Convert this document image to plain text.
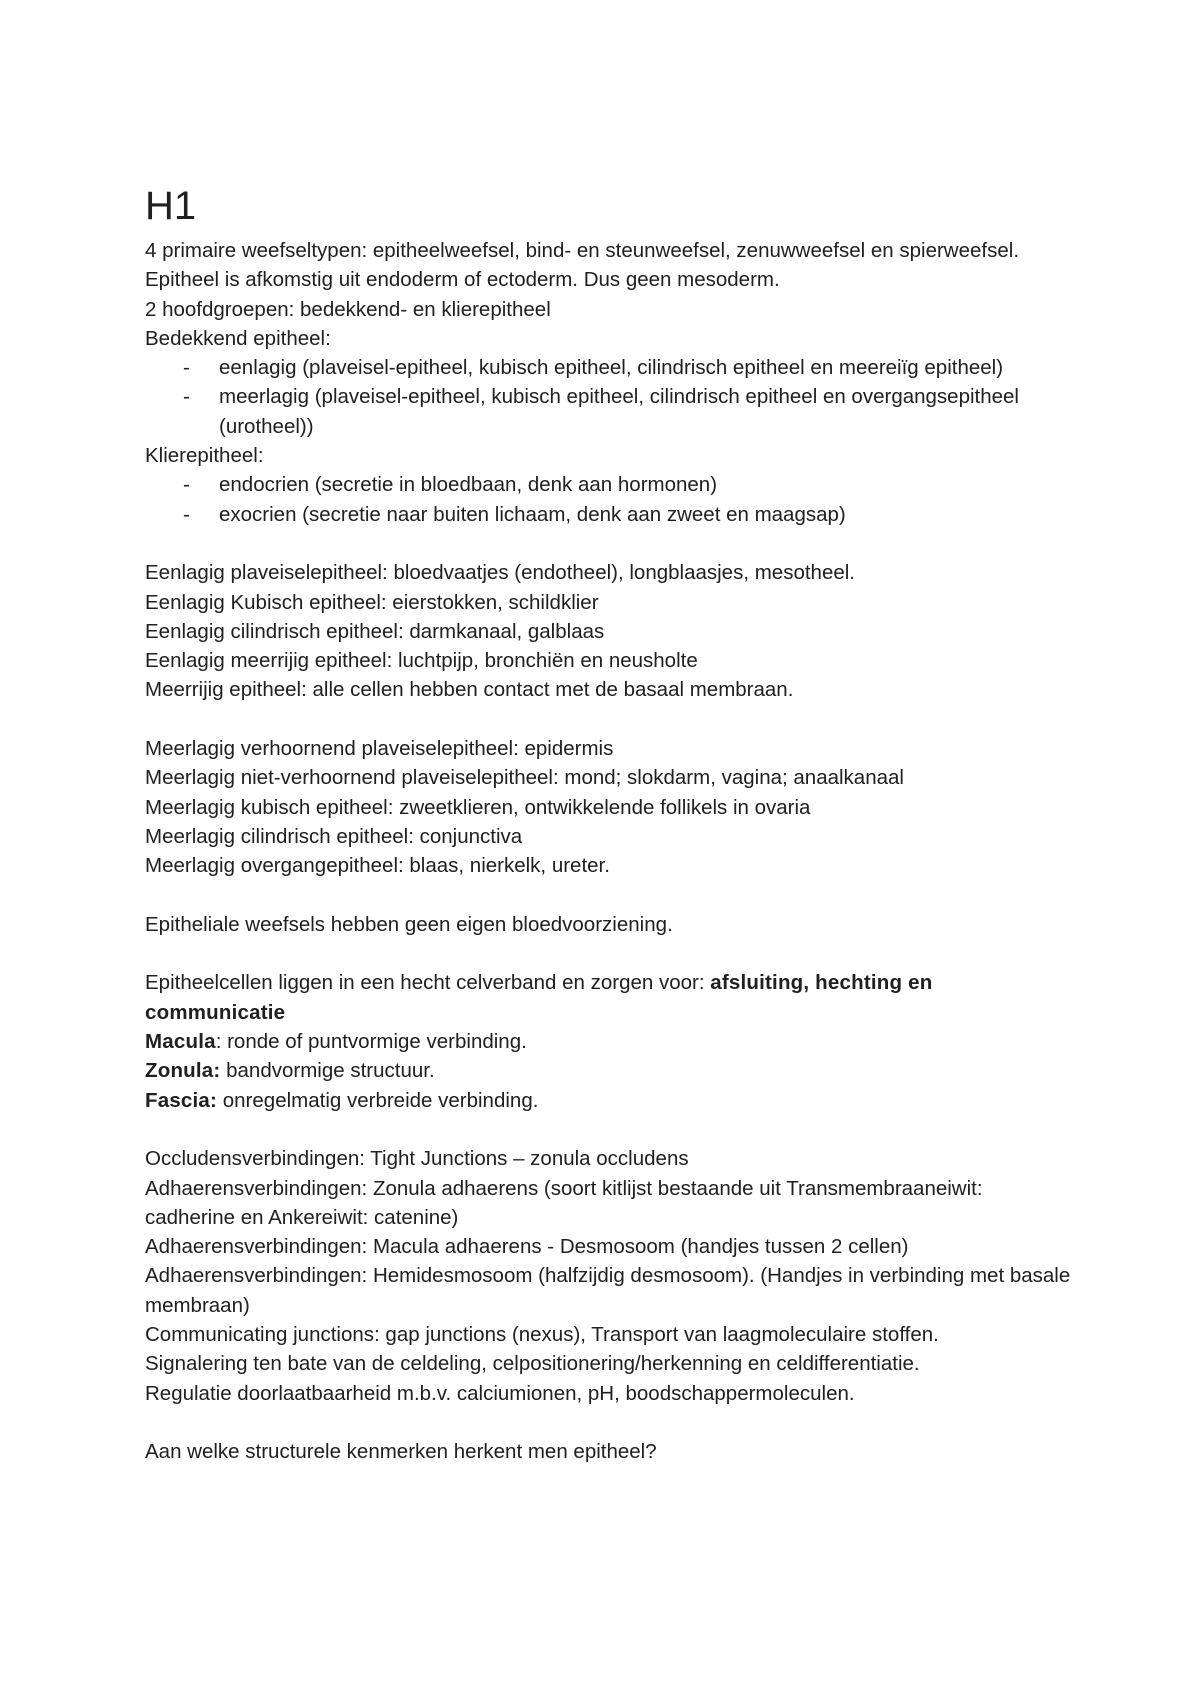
H1

4 primaire weefseltypen: epitheelweefsel, bind- en steunweefsel, zenuwweefsel en spierweefsel.

Epitheel is afkomstig uit endoderm of ectoderm. Dus geen mesoderm.

2 hoofdgroepen: bedekkend- en klierepitheel

Bedekkend epitheel:

- eenlagig (plaveisel-epitheel, kubisch epitheel, cilindrisch epitheel en meereiïg epitheel)
- meerlagig (plaveisel-epitheel, kubisch epitheel, cilindrisch epitheel en overgangsepitheel (urotheel))

Klierepitheel:

- endocrien (secretie in bloedbaan, denk aan hormonen)
- exocrien (secretie naar buiten lichaam, denk aan zweet en maagsap)

Eenlagig plaveiselepitheel: bloedvaatjes (endotheel), longblaasjes, mesotheel.

Eenlagig Kubisch epitheel: eierstokken, schildklier

Eenlagig cilindrisch epitheel: darmkanaal, galblaas

Eenlagig meerrijig epitheel: luchtpijp, bronchiën en neusholte

Meerrijig epitheel: alle cellen hebben contact met de basaal membraan.

Meerlagig verhoornend plaveiselepitheel: epidermis

Meerlagig niet-verhoornend plaveiselepitheel: mond; slokdarm, vagina; anaalkanaal

Meerlagig kubisch epitheel: zweetklieren, ontwikkelende follikels in ovaria

Meerlagig cilindrisch epitheel: conjunctiva

Meerlagig overgangepitheel: blaas, nierkelk, ureter.

Epitheliale weefsels hebben geen eigen bloedvoorziening.

Epitheelcellen liggen in een hecht celverband en zorgen voor: afsluiting, hechting en communicatie

Macula: ronde of puntvormige verbinding.

Zonula: bandvormige structuur.

Fascia: onregelmatig verbreide verbinding.

Occludensverbindingen: Tight Junctions – zonula occludens

Adhaerensverbindingen: Zonula adhaerens (soort kitlijst bestaande uit Transmembraaneiwit: cadherine en Ankereiwit: catenine)

Adhaerensverbindingen: Macula adhaerens - Desmosoom (handjes tussen 2 cellen)

Adhaerensverbindingen: Hemidesmosoom (halfzijdig desmosoom). (Handjes in verbinding met basale membraan)

Communicating junctions: gap junctions (nexus), Transport van laagmoleculaire stoffen.

Signalering ten bate van de celdeling, celpositionering/herkenning en celdifferentiatie.

Regulatie doorlaatbaarheid m.b.v. calciumionen, pH, boodschappermoleculen.

Aan welke structurele kenmerken herkent men epitheel?
